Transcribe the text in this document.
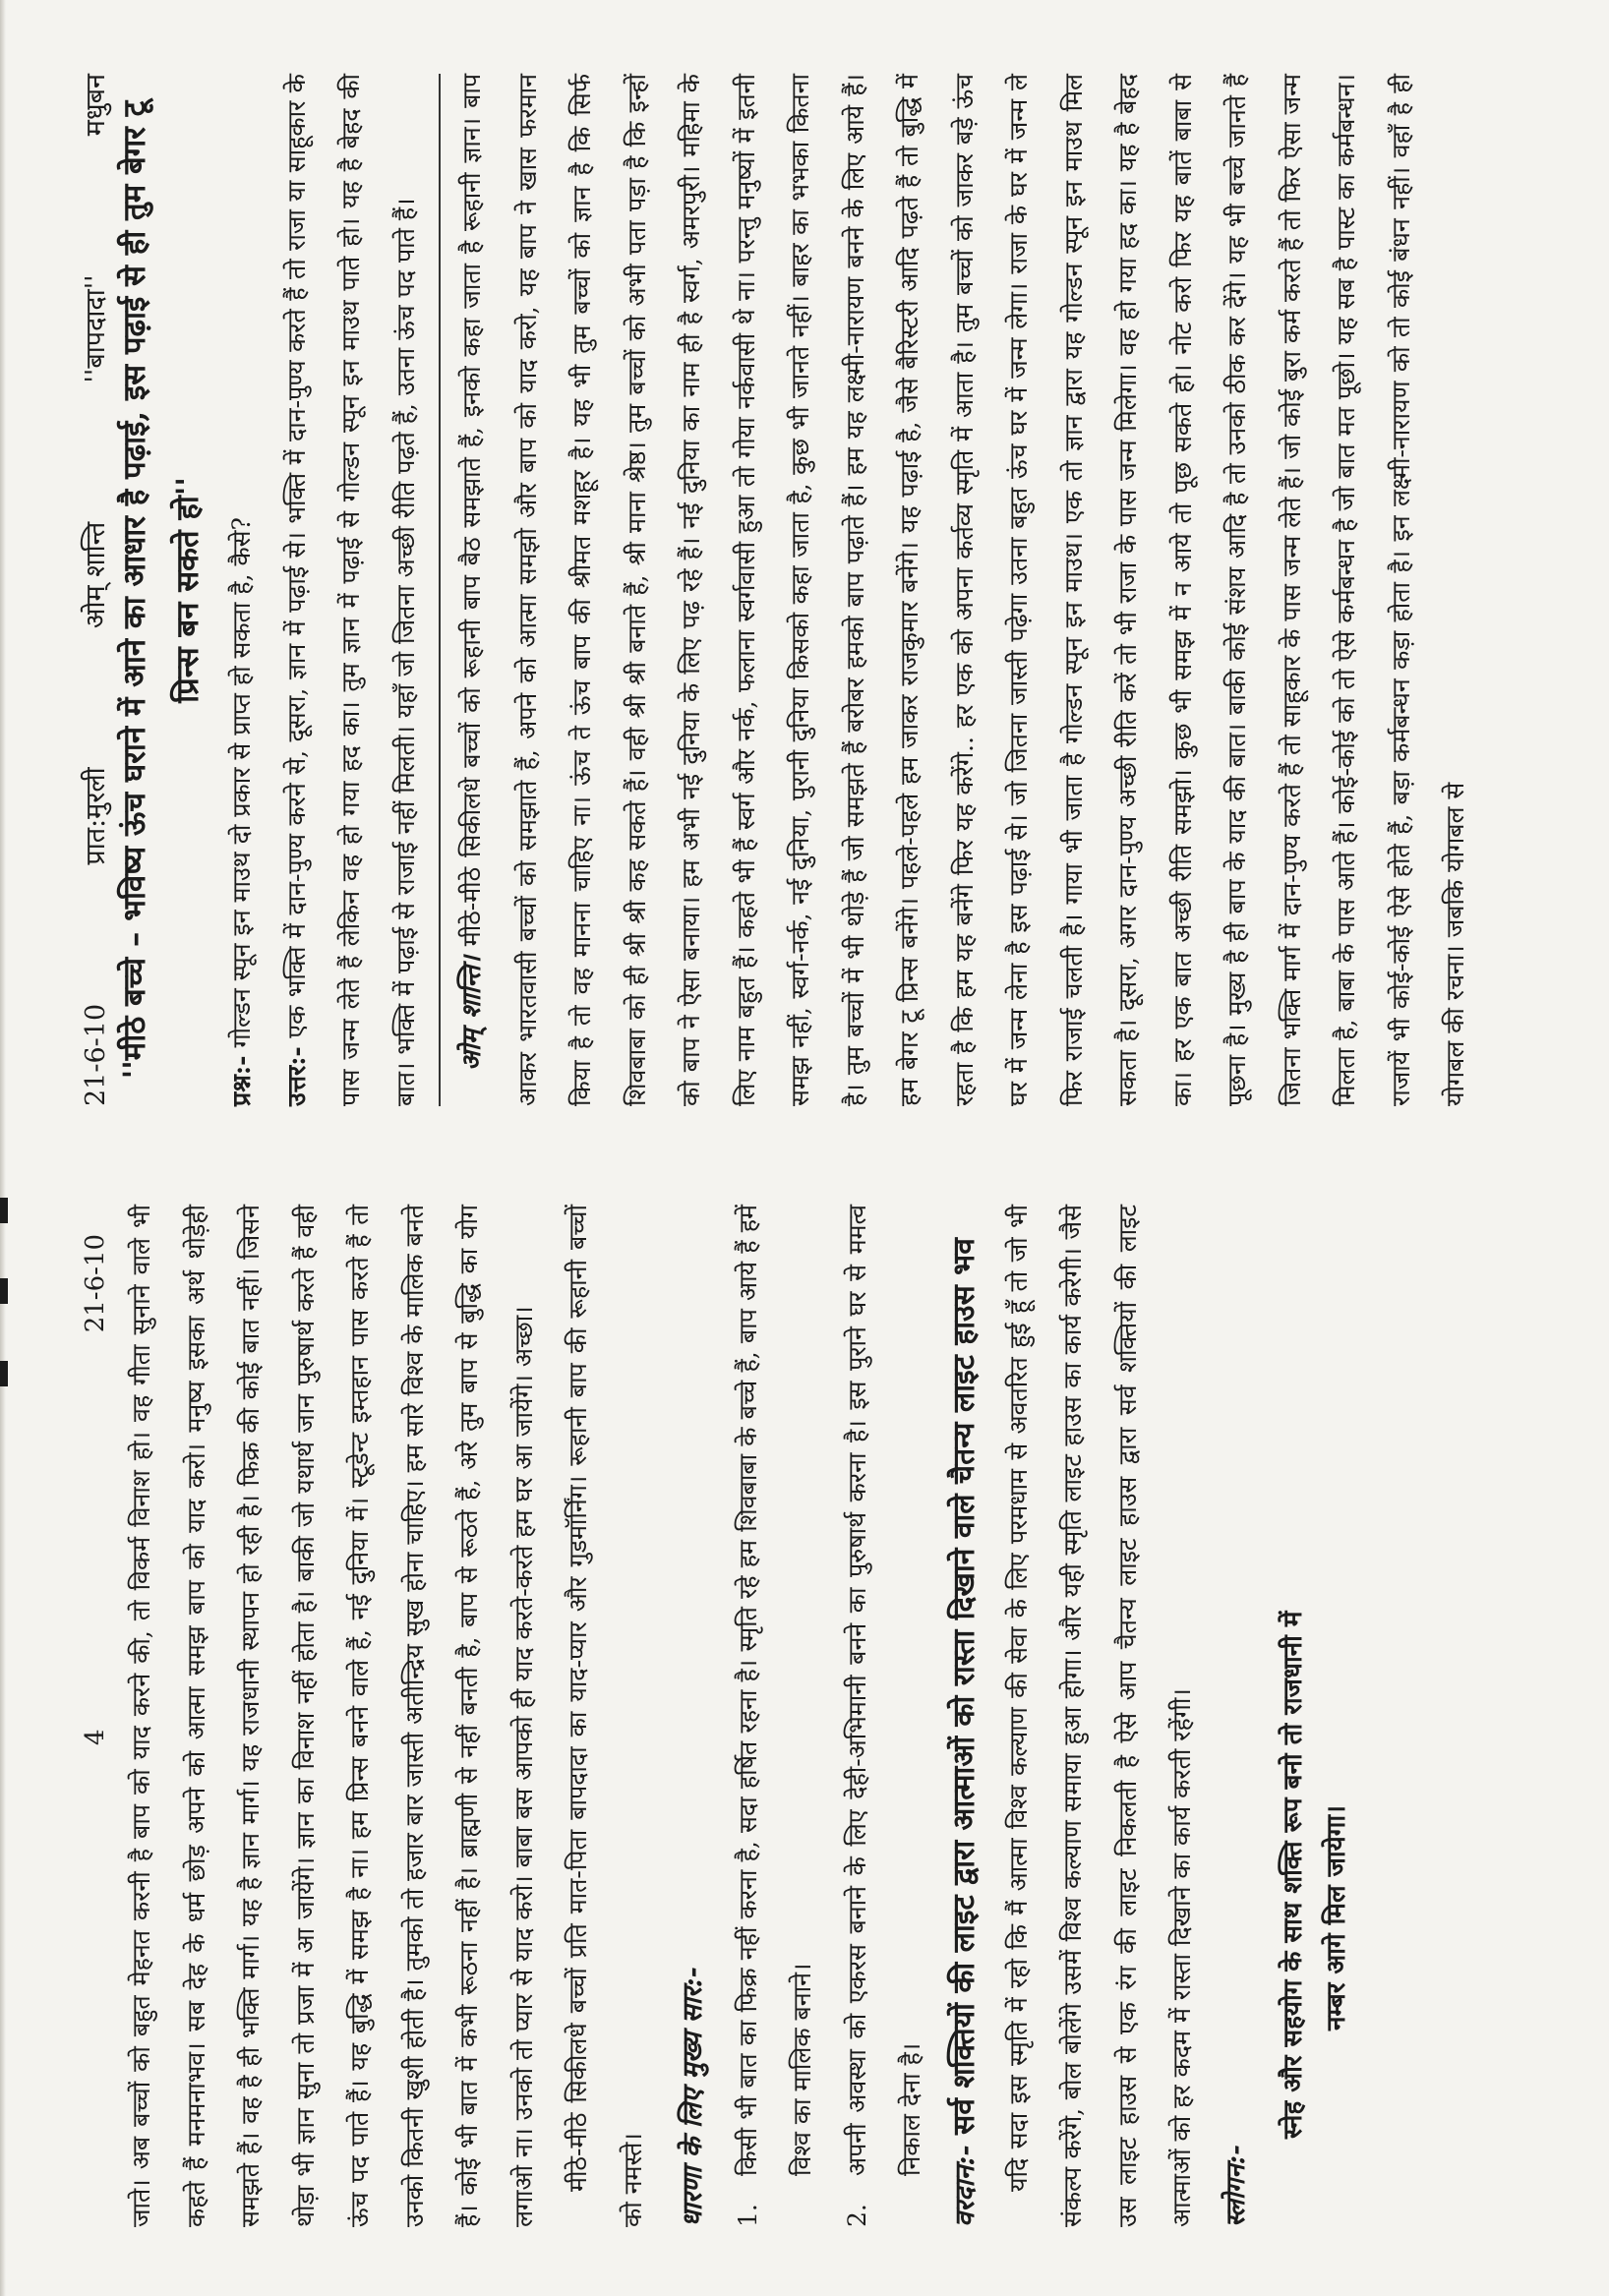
4
21-6-10 जाते। अब बच्चों को बहुत मेहनत करनी है बाप को याद करने की, तो विकर्म विनाश हो। वह गीता सुनाने वाले भी कहते हैं मनमनाभव। सब देह के धर्म छोड़ अपने को आत्मा समझ बाप को याद करो। मनुष्य इसका अर्थ थोड़ेही समझते हैं। वह है ही भक्ति मार्ग। यह है ज्ञान मार्ग। यह राजधानी स्थापन हो रही है। फिक्र की कोई बात नहीं। जिसने थोड़ा भी ज्ञान सुना तो प्रजा में आ जायेंगे। ज्ञान का विनाश नहीं होता है। बाकी जो यथार्थ जान पुरुषार्थ करते हैं वही ऊंच पद पाते हैं। यह बुद्धि में समझ है ना। हम प्रिन्स बनने वाले हैं, नई दुनिया में। स्टूडेन्ट इम्तहान पास करते हैं तो उनको कितनी खुशी होती है। तुमको तो हजार बार जास्ती अतीन्द्रिय सुख होना चाहिए। हम सारे विश्व के मालिक बनते हैं। कोई भी बात में कभी रूठना नहीं है। ब्राह्मणी से नहीं बनती है, बाप से रूठते हैं, अरे तुम बाप से बुद्धि का योग लगाओ ना। उनको तो प्यार से याद करो। बाबा बस आपको ही याद करते-करते हम घर आ जायेंगे। अच्छा।	मीठे-मीठे सिकीलधे बच्चों प्रति मात-पिता बापदादा का याद-प्यार और गुडमॉर्निंग। रूहानी बाप की रूहानी बच्चों को नमस्ते।	धारणा के लिए मुख्य सार:-	1.
किसी भी बात का फिक्र नहीं करना है, सदा हर्षित रहना है। स्मृति रहे हम शिवबाबा के बच्चे हैं, बाप आये हैं हमें विश्व का मालिक बनाने।
2.
अपनी अवस्था को एकरस बनाने के लिए देही-अभिमानी बनने का पुरुषार्थ करना है। इस पुराने घर से ममत्व निकाल देना है।
वरदान:- सर्व शक्तियों की लाइट द्वारा आत्माओं को रास्ता दिखाने वाले चैतन्य लाइट हाउस भव यदि सदा इस स्मृति में रहो कि मैं आत्मा विश्व कल्याण की सेवा के लिए परमधाम से अवतरित हुई हूँ तो जो भी संकल्प करेंगे, बोल बोलेंगे उसमें विश्व कल्याण समाया हुआ होगा। और यही स्मृति लाइट हाउस का कार्य करेगी। जैसे उस लाइट हाउस से एक रंग की लाइट निकलती है ऐसे आप चैतन्य लाइट हाउस द्वारा सर्व शक्तियों की लाइट आत्माओं को हर कदम में रास्ता दिखाने का कार्य करती रहेंगी। स्लोगन:-
स्नेह और सहयोग के साथ शक्ति रूप बनो तो राजधानी में नम्बर आगे मिल जायेगा।
21-6-10
प्रात:मुरली
ओम् शान्ति
''बापदादा''
मधुबन ''मीठे बच्चे – भविष्य ऊंच घराने में आने का आधार है पढ़ाई, इस पढ़ाई से ही तुम बेगर टू प्रिन्स बन सकते हो''

प्रश्न:- गोल्डन स्पून इन माउथ दो प्रकार से प्राप्त हो सकता है, कैसे?

उत्तर:- एक भक्ति में दान-पुण्य करने से, दूसरा, ज्ञान में पढ़ाई से। भक्ति में दान-पुण्य करते हैं तो राजा या साहूकार के पास जन्म लेते हैं लेकिन वह हो गया हद का। तुम ज्ञान में पढ़ाई से गोल्डन स्पून इन माउथ पाते हो। यह है बेहद की बात। भक्ति में पढ़ाई से राजाई नहीं मिलती। यहाँ जो जितना अच्छी रीति पढ़ते हैं, उतना ऊंच पद पाते हैं।	ओम् शान्ति। मीठे-मीठे सिकीलधे बच्चों को रूहानी बाप बैठ समझाते हैं, इनको कहा जाता है रूहानी ज्ञान। बाप आकर भारतवासी बच्चों को समझाते हैं, अपने को आत्मा समझो और बाप को याद करो, यह बाप ने खास फरमान किया है तो वह मानना चाहिए ना। ऊंच ते ऊंच बाप की श्रीमत मशहूर है। यह भी तुम बच्चों को ज्ञान है कि सिर्फ शिवबाबा को ही श्री श्री कह सकते हैं। वही श्री श्री बनाते हैं, श्री माना श्रेष्ठ। तुम बच्चों को अभी पता पड़ा है कि इन्हों को बाप ने ऐसा बनाया। हम अभी नई दुनिया के लिए पढ़ रहे हैं। नई दुनिया का नाम ही है स्वर्ग, अमरपुरी। महिमा के लिए नाम बहुत हैं। कहते भी हैं स्वर्ग और नर्क, फलाना स्वर्गवासी हुआ तो गोया नर्कवासी थे ना। परन्तु मनुष्यों में इतनी समझ नहीं, स्वर्ग-नर्क, नई दुनिया, पुरानी दुनिया किसको कहा जाता है, कुछ भी जानते नहीं। बाहर का भभका कितना है। तुम बच्चों में भी थोड़े हैं जो समझते हैं बरोबर हमको बाप पढ़ाते हैं। हम यह लक्ष्मी-नारायण बनने के लिए आये हैं। हम बेगर टू प्रिन्स बनेंगे। पहले-पहले हम जाकर राजकुमार बनेंगे। यह पढ़ाई है, जैसे बैरिस्टरी आदि पढ़ते हैं तो बुद्धि में रहता है कि हम यह बनेंगे फिर यह करेंगे.. हर एक को अपना कर्तव्य स्मृति में आता है। तुम बच्चों को जाकर बड़े ऊंच घर में जन्म लेना है इस पढ़ाई से। जो जितना जास्ती पढ़ेगा उतना बहुत ऊंच घर में जन्म लेगा। राजा के घर में जन्म ले फिर राजाई चलती है। गाया भी जाता है गोल्डन स्पून इन माउथ। एक तो ज्ञान द्वारा यह गोल्डन स्पून इन माउथ मिल सकता है। दूसरा, अगर दान-पुण्य अच्छी रीति करें तो भी राजा के पास जन्म मिलेगा। वह हो गया हद का। यह है बेहद का। हर एक बात अच्छी रीति समझो। कुछ भी समझ में न आये तो पूछ सकते हो। नोट करो फिर यह बातें बाबा से पूछना है। मुख्य है ही बाप के याद की बात। बाकी कोई संशय आदि है तो उनको ठीक कर देंगे। यह भी बच्चे जानते हैं जितना भक्ति मार्ग में दान-पुण्य करते हैं तो साहूकार के पास जन्म लेते हैं। जो कोई बुरा कर्म करते हैं तो फिर ऐसा जन्म मिलता है, बाबा के पास आते हैं। कोई-कोई को तो ऐसे कर्मबन्धन है जो बात मत पूछो। यह सब है पास्ट का कर्मबन्धन। राजायें भी कोई-कोई ऐसे होते हैं, बड़ा कर्मबन्धन कड़ा होता है। इन लक्ष्मी-नारायण को तो कोई बंधन नहीं। वहाँ है ही योगबल की रचना। जबकि योगबल से
